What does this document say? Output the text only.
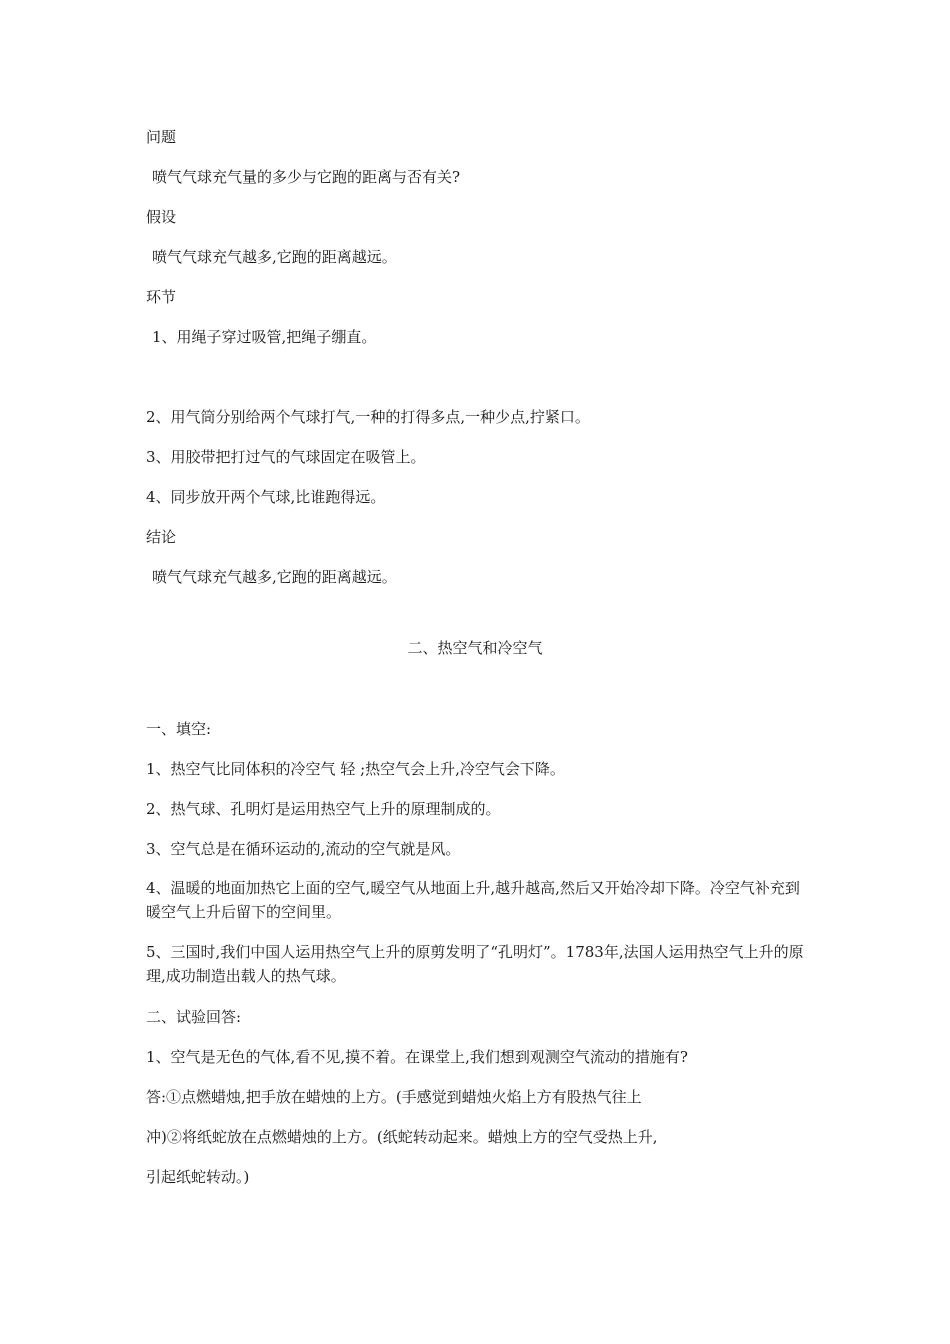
问题

喷气气球充气量的多少与它跑的距离与否有关?

假设

喷气气球充气越多,它跑的距离越远。

环节

1、用绳子穿过吸管,把绳子绷直。

2、用气筒分别给两个气球打气,一种的打得多点,一种少点,拧紧口。

3、用胶带把打过气的气球固定在吸管上。

4、同步放开两个气球,比谁跑得远。

结论

喷气气球充气越多,它跑的距离越远。

二、热空气和冷空气

一、填空:

1、热空气比同体积的冷空气 轻 ;热空气会上升,冷空气会下降。

2、热气球、孔明灯是运用热空气上升的原理制成的。

3、空气总是在循环运动的,流动的空气就是风。

4、温暖的地面加热它上面的空气,暖空气从地面上升,越升越高,然后又开始冷却下降。冷空气补充到暖空气上升后留下的空间里。

5、三国时,我们中国人运用热空气上升的原剪发明了“孔明灯”。1783年,法国人运用热空气上升的原理,成功制造出载人的热气球。

二、试验回答:

1、空气是无色的气体,看不见,摸不着。在课堂上,我们想到观测空气流动的措施有?

答:①点燃蜡烛,把手放在蜡烛的上方。(手感觉到蜡烛火焰上方有股热气往上

冲)②将纸蛇放在点燃蜡烛的上方。(纸蛇转动起来。蜡烛上方的空气受热上升,

引起纸蛇转动。)
